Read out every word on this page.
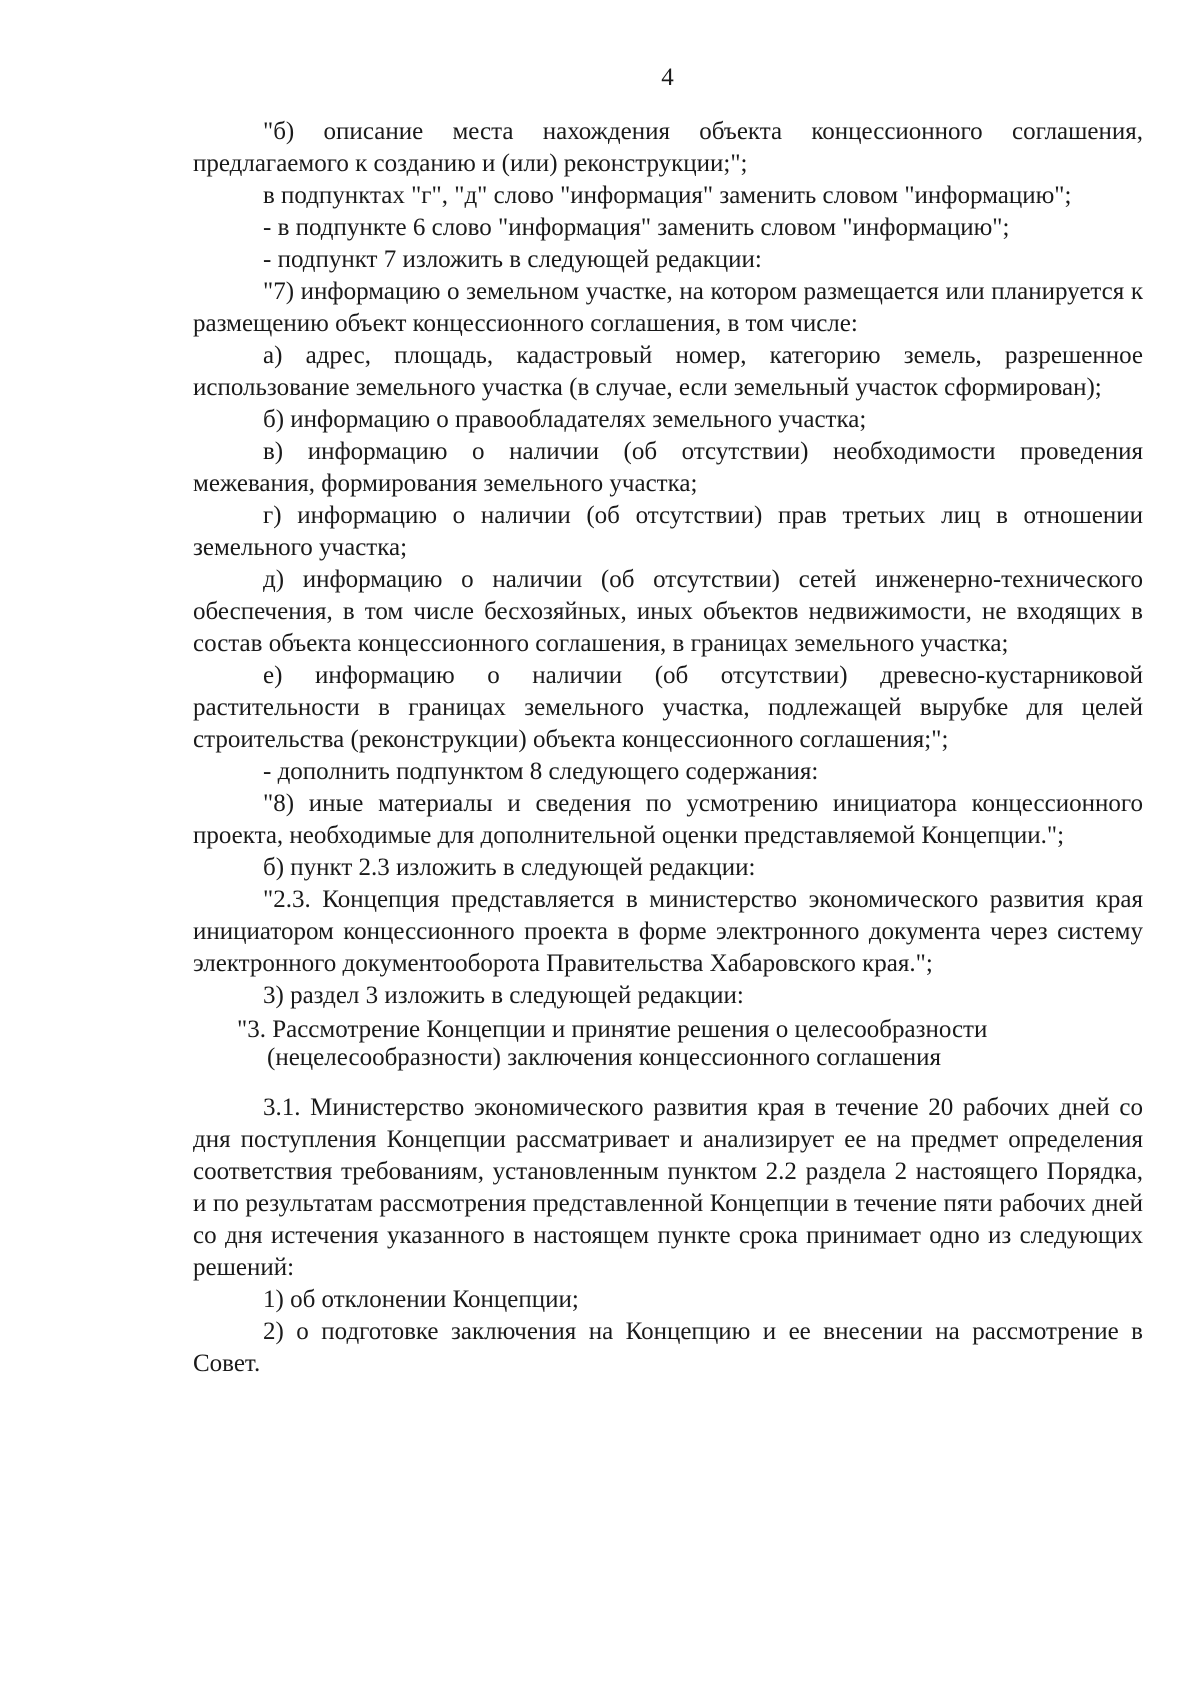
4

"б) описание места нахождения объекта концессионного соглашения, предлагаемого к созданию и (или) реконструкции;";

в подпунктах "г", "д" слово "информация" заменить словом "информацию";

- в подпункте 6 слово "информация" заменить словом "информацию";

- подпункт 7 изложить в следующей редакции:

"7) информацию о земельном участке, на котором размещается или планируется к размещению объект концессионного соглашения, в том числе:

а) адрес, площадь, кадастровый номер, категорию земель, разрешенное использование земельного участка (в случае, если земельный участок сформирован);

б) информацию о правообладателях земельного участка;

в) информацию о наличии (об отсутствии) необходимости проведения межевания, формирования земельного участка;

г) информацию о наличии (об отсутствии) прав третьих лиц в отношении земельного участка;

д) информацию о наличии (об отсутствии) сетей инженерно-технического обеспечения, в том числе бесхозяйных, иных объектов недвижимости, не входящих в состав объекта концессионного соглашения, в границах земельного участка;

е) информацию о наличии (об отсутствии) древесно-кустарниковой растительности в границах земельного участка, подлежащей вырубке для целей строительства (реконструкции) объекта концессионного соглашения;";

- дополнить подпунктом 8 следующего содержания:

"8) иные материалы и сведения по усмотрению инициатора концессионного проекта, необходимые для дополнительной оценки представляемой Концепции.";

б) пункт 2.3 изложить в следующей редакции:

"2.3. Концепция представляется в министерство экономического развития края инициатором концессионного проекта в форме электронного документа через систему электронного документооборота Правительства Хабаровского края.";

3) раздел 3 изложить в следующей редакции:

"3. Рассмотрение Концепции и принятие решения о целесообразности (нецелесообразности) заключения концессионного соглашения

3.1. Министерство экономического развития края в течение 20 рабочих дней со дня поступления Концепции рассматривает и анализирует ее на предмет определения соответствия требованиям, установленным пунктом 2.2 раздела 2 настоящего Порядка, и по результатам рассмотрения представленной Концепции в течение пяти рабочих дней со дня истечения указанного в настоящем пункте срока принимает одно из следующих решений:

1) об отклонении Концепции;

2) о подготовке заключения на Концепцию и ее внесении на рассмотрение в Совет.
